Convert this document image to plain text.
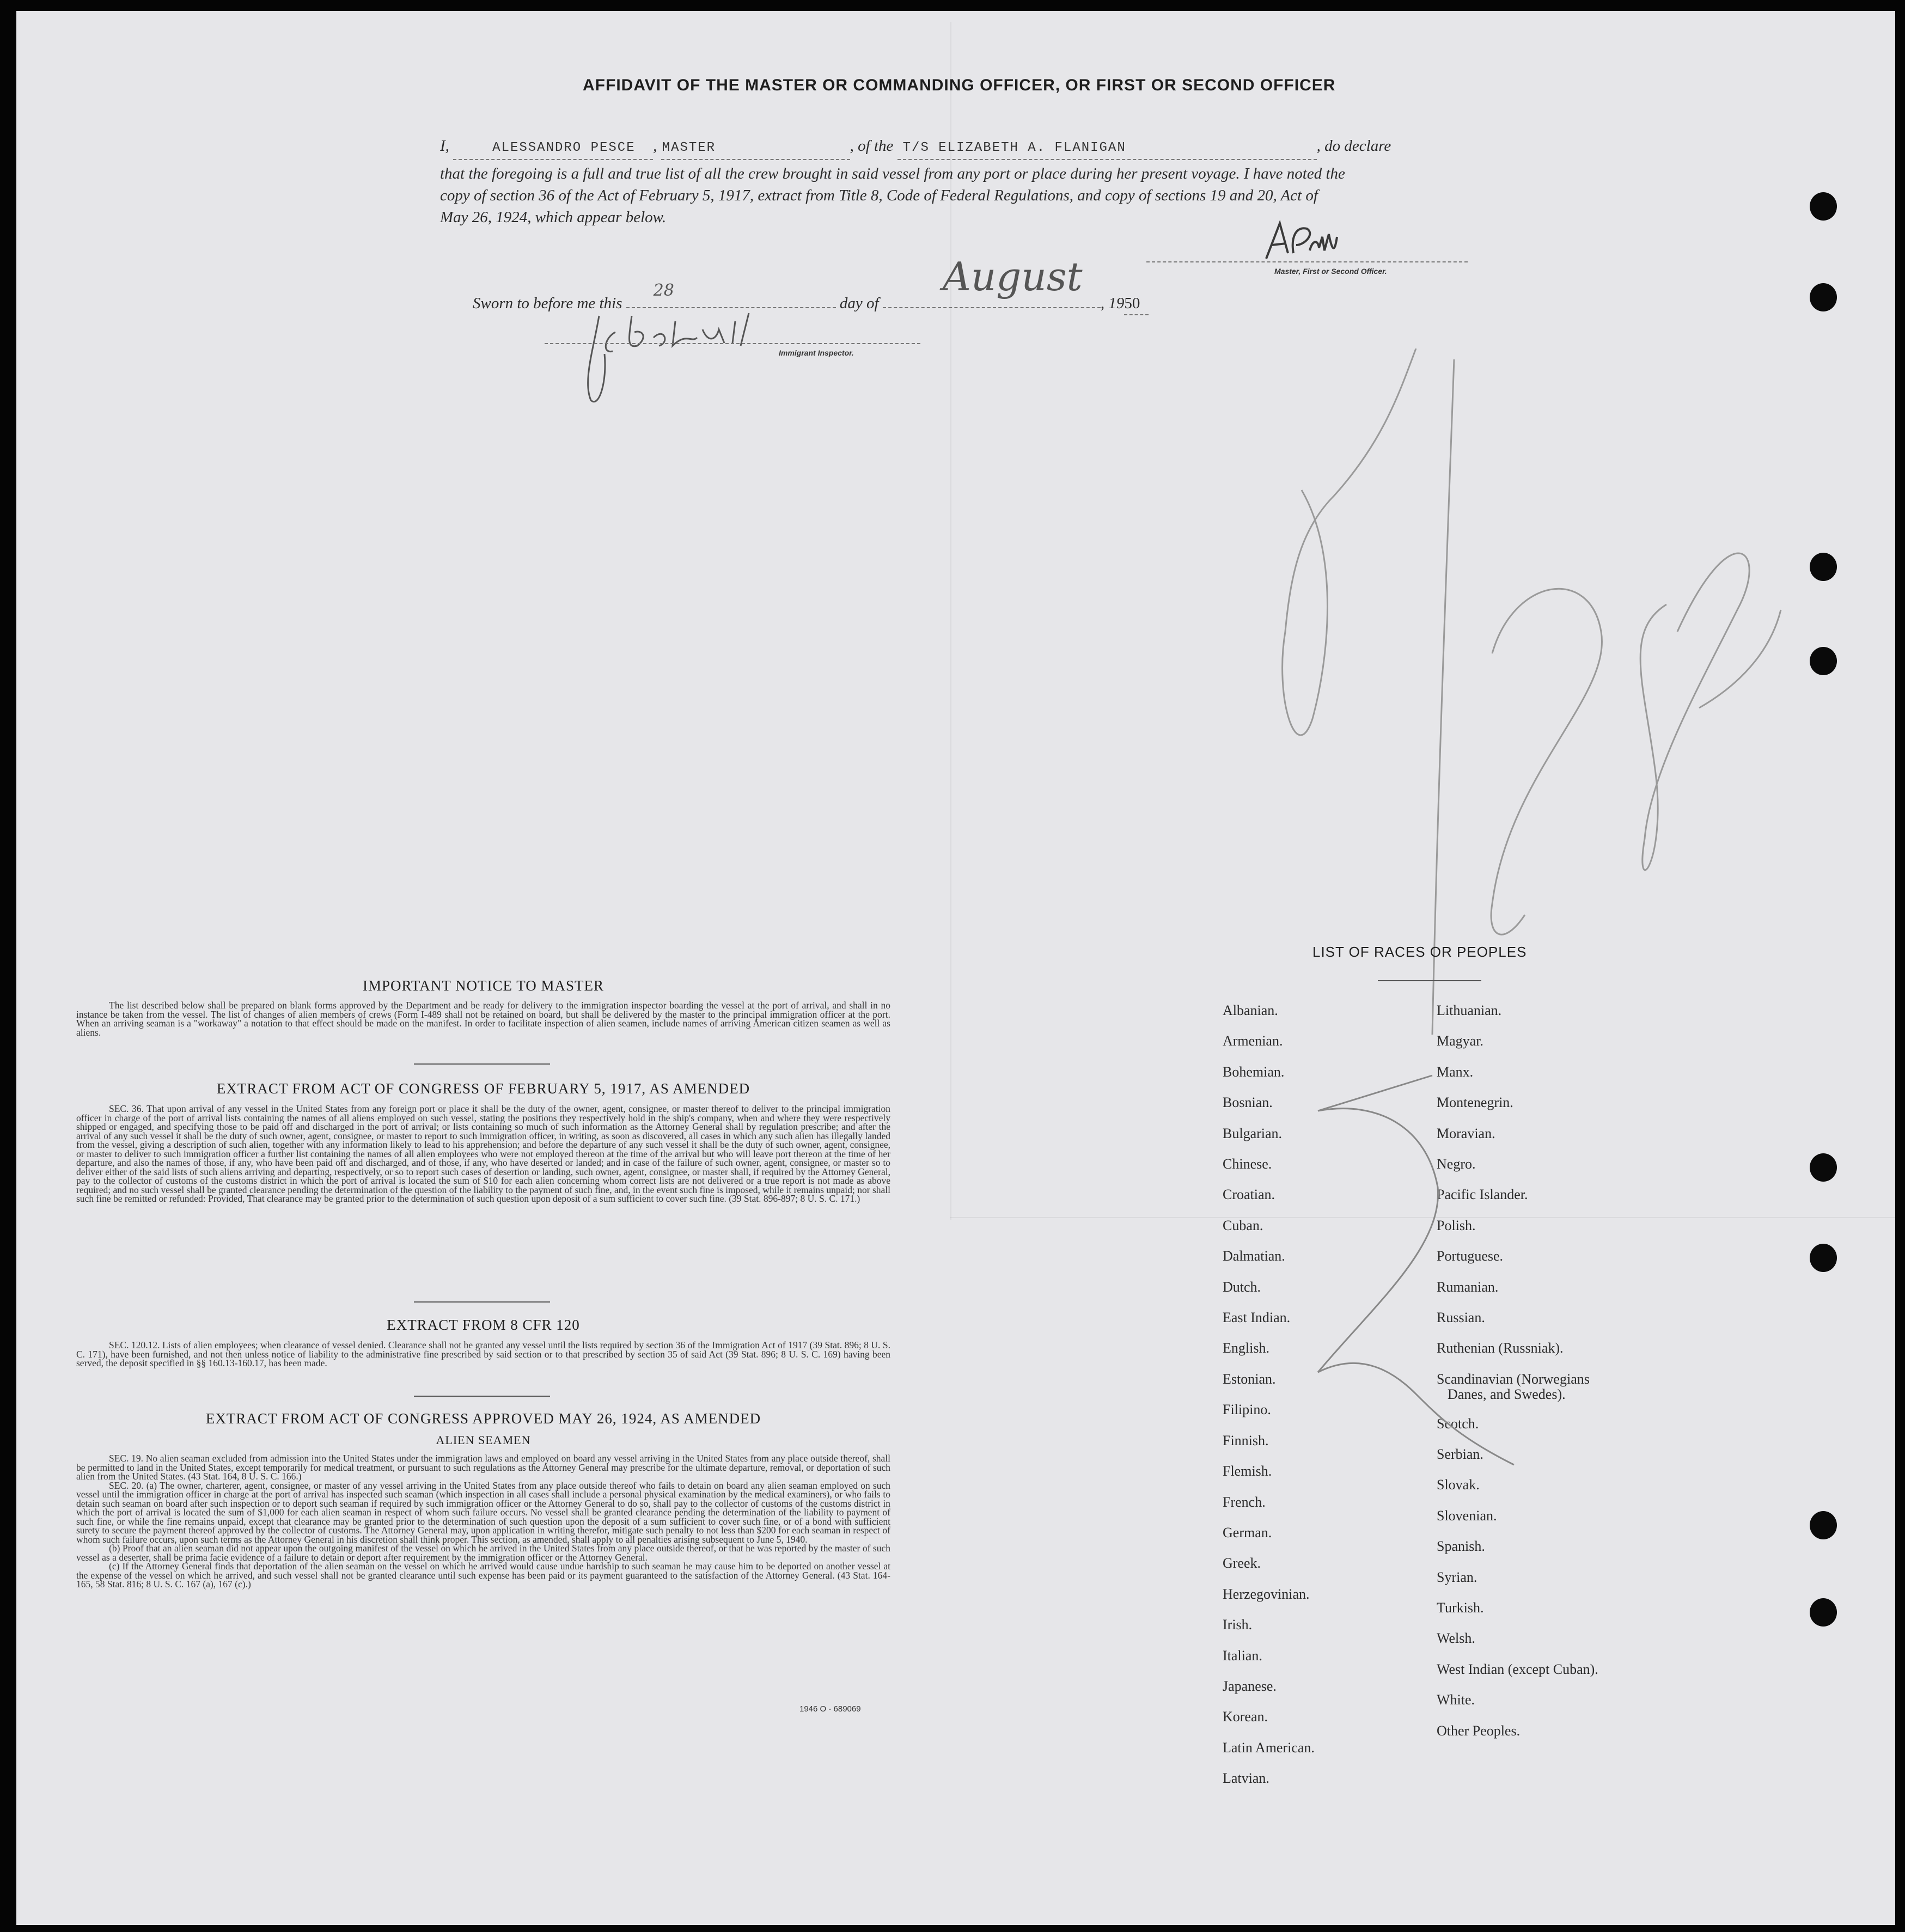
AFFIDAVIT OF THE MASTER OR COMMANDING OFFICER, OR FIRST OR SECOND OFFICER
I,	ALESSANDRO PESCE , MASTER	, of the T/S ELIZABETH A. FLANIGAN	, do declare
that the foregoing is a full and true list of all the crew brought in said vessel from any port or place during her present voyage. I have noted the
copy of section 36 of the Act of February 5, 1917, extract from Title 8, Code of Federal Regulations, and copy of sections 19 and 20, Act of
May 26, 1924, which appear below.
Master, First or Second Officer.
Sworn to before me this
28
day of
August
, 1950
Immigrant Inspector.
IMPORTANT NOTICE TO MASTER
The list described below shall be prepared on blank forms approved by the Department and be ready for delivery to the immigration inspector boarding the vessel at the port of arrival, and shall in no instance be taken from the vessel. The list of changes of alien members of crews (Form I-489 shall not be retained on board, but shall be delivered by the master to the principal immigration officer at the port. When an arriving seaman is a "workaway" a notation to that effect should be made on the manifest. In order to facilitate inspection of alien seamen, include names of arriving American citizen seamen as well as aliens.
EXTRACT FROM ACT OF CONGRESS OF FEBRUARY 5, 1917, AS AMENDED
SEC. 36. That upon arrival of any vessel in the United States from any foreign port or place it shall be the duty of the owner, agent, consignee, or master thereof to deliver to the principal immigration officer in charge of the port of arrival lists containing the names of all aliens employed on such vessel, stating the positions they respectively hold in the ship's company, when and where they were respectively shipped or engaged, and specifying those to be paid off and discharged in the port of arrival; or lists containing so much of such information as the Attorney General shall by regulation prescribe; and after the arrival of any such vessel it shall be the duty of such owner, agent, consignee, or master to report to such immigration officer, in writing, as soon as discovered, all cases in which any such alien has illegally landed from the vessel, giving a description of such alien, together with any information likely to lead to his apprehension; and before the departure of any such vessel it shall be the duty of such owner, agent, consignee, or master to deliver to such immigration officer a further list containing the names of all alien employees who were not employed thereon at the time of the arrival but who will leave port thereon at the time of her departure, and also the names of those, if any, who have been paid off and discharged, and of those, if any, who have deserted or landed; and in case of the failure of such owner, agent, consignee, or master so to deliver either of the said lists of such aliens arriving and departing, respectively, or so to report such cases of desertion or landing, such owner, agent, consignee, or master shall, if required by the Attorney General, pay to the collector of customs of the customs district in which the port of arrival is located the sum of $10 for each alien concerning whom correct lists are not delivered or a true report is not made as above required; and no such vessel shall be granted clearance pending the determination of the question of the liability to the payment of such fine, and, in the event such fine is imposed, while it remains unpaid; nor shall such fine be remitted or refunded: Provided, That clearance may be granted prior to the determination of such question upon deposit of a sum sufficient to cover such fine. (39 Stat. 896-897; 8 U. S. C. 171.)
EXTRACT FROM 8 CFR 120
SEC. 120.12. Lists of alien employees; when clearance of vessel denied. Clearance shall not be granted any vessel until the lists required by section 36 of the Immigration Act of 1917 (39 Stat. 896; 8 U. S. C. 171), have been furnished, and not then unless notice of liability to the administrative fine prescribed by said section or to that prescribed by section 35 of said Act (39 Stat. 896; 8 U. S. C. 169) having been served, the deposit specified in §§ 160.13-160.17, has been made.
EXTRACT FROM ACT OF CONGRESS APPROVED MAY 26, 1924, AS AMENDED
ALIEN SEAMEN
SEC. 19. No alien seaman excluded from admission into the United States under the immigration laws and employed on board any vessel arriving in the United States from any place outside thereof, shall be permitted to land in the United States, except temporarily for medical treatment, or pursuant to such regulations as the Attorney General may prescribe for the ultimate departure, removal, or deportation of such alien from the United States. (43 Stat. 164, 8 U. S. C. 166.)
SEC. 20. (a) The owner, charterer, agent, consignee, or master of any vessel arriving in the United States from any place outside thereof who fails to detain on board any alien seaman employed on such vessel until the immigration officer in charge at the port of arrival has inspected such seaman (which inspection in all cases shall include a personal physical examination by the medical examiners), or who fails to detain such seaman on board after such inspection or to deport such seaman if required by such immigration officer or the Attorney General to do so, shall pay to the collector of customs of the customs district in which the port of arrival is located the sum of $1,000 for each alien seaman in respect of whom such failure occurs. No vessel shall be granted clearance pending the determination of the liability to payment of such fine, or while the fine remains unpaid, except that clearance may be granted prior to the determination of such question upon the deposit of a sum sufficient to cover such fine, or of a bond with sufficient surety to secure the payment thereof approved by the collector of customs. The Attorney General may, upon application in writing therefor, mitigate such penalty to not less than $200 for each seaman in respect of whom such failure occurs, upon such terms as the Attorney General in his discretion shall think proper. This section, as amended, shall apply to all penalties arising subsequent to June 5, 1940.
(b) Proof that an alien seaman did not appear upon the outgoing manifest of the vessel on which he arrived in the United States from any place outside thereof, or that he was reported by the master of such vessel as a deserter, shall be prima facie evidence of a failure to detain or deport after requirement by the immigration officer or the Attorney General.
(c) If the Attorney General finds that deportation of the alien seaman on the vessel on which he arrived would cause undue hardship to such seaman he may cause him to be deported on another vessel at the expense of the vessel on which he arrived, and such vessel shall not be granted clearance until such expense has been paid or its payment guaranteed to the satisfaction of the Attorney General. (43 Stat. 164-165, 58 Stat. 816; 8 U. S. C. 167 (a), 167 (c).)
1946 O - 689069
LIST OF RACES OR PEOPLES
Albanian.
Armenian.
Bohemian.
Bosnian.
Bulgarian.
Chinese.
Croatian.
Cuban.
Dalmatian.
Dutch.
East Indian.
English.
Estonian.
Filipino.
Finnish.
Flemish.
French.
German.
Greek.
Herzegovinian.
Irish.
Italian.
Japanese.
Korean.
Latin American.
Latvian.
Lithuanian.
Magyar.
Manx.
Montenegrin.
Moravian.
Negro.
Pacific Islander.
Polish.
Portuguese.
Rumanian.
Russian.
Ruthenian (Russniak).
Scandinavian (Norwegians
Danes, and Swedes).
Scotch.
Serbian.
Slovak.
Slovenian.
Spanish.
Syrian.
Turkish.
Welsh.
West Indian (except Cuban).
White.
Other Peoples.
